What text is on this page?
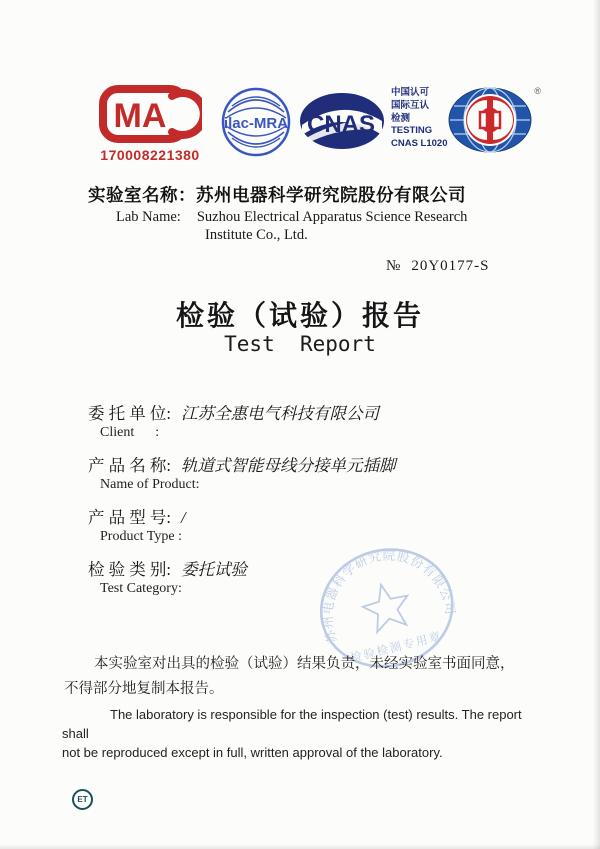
MA
170008221380
ilac-MRA CNAS
中国认可
国际互认
检测
TESTING
CNAS L1020
®
实验室名称：苏州电器科学研究院股份有限公司
Lab Name: Suzhou Electrical Apparatus Science Research
Institute Co., Ltd.
№ 20Y0177-S
检验（试验）报告
Test  Report
委 托 单 位: 江苏全惠电气科技有限公司
Client      :
产 品 名 称: 轨道式智能母线分接单元插脚
Name of Product:
产 品 型 号: /
Product Type :
检 验 类 别: 委托试验
Test Category:
苏州电器科学研究院股份有限公司
检验检测专用章
本实验室对出具的检验（试验）结果负责，未经实验室书面同意，
不得部分地复制本报告。
The laboratory is responsible for the inspection (test) results. The report shall
not be reproduced except in full, written approval of the laboratory.
ET
